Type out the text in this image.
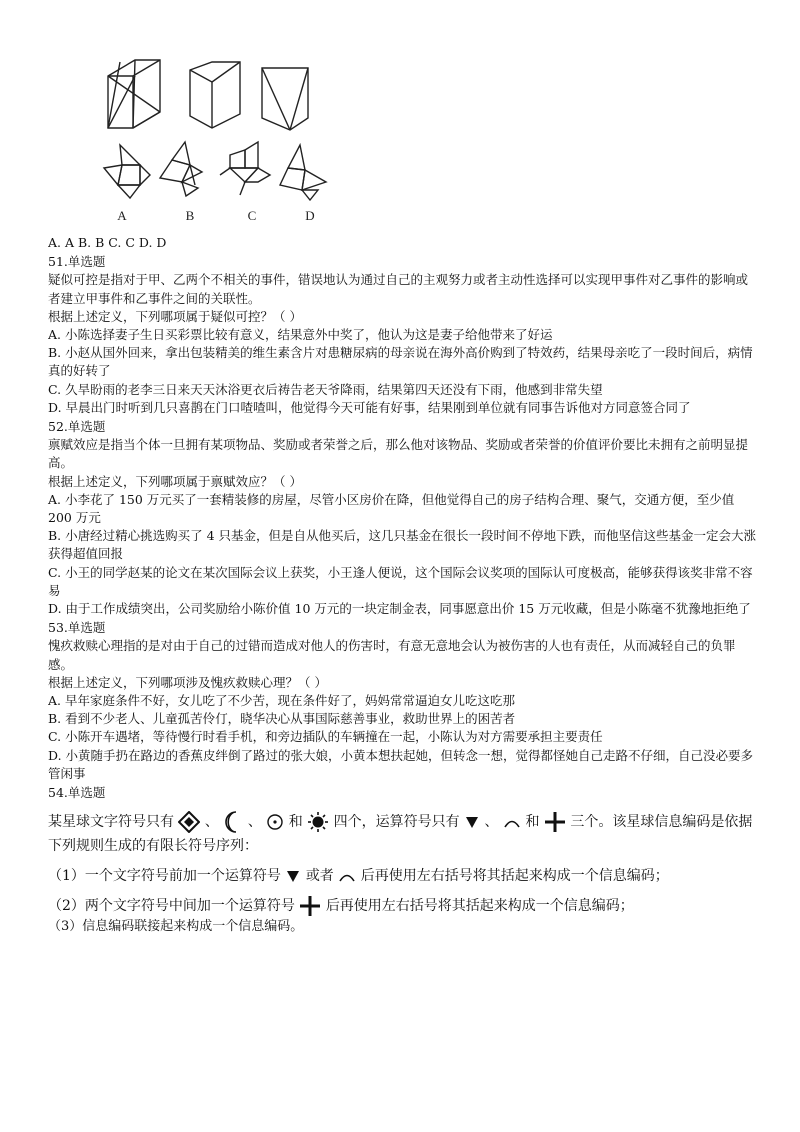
A	B	C	D
A. A B. B C. C D. D
51.单选题
疑似可控是指对于甲、乙两个不相关的事件，错误地认为通过自己的主观努力或者主动性选择可以实现甲事件对乙事件的影响或者建立甲事件和乙事件之间的关联性。
根据上述定义，下列哪项属于疑似可控？（ ）
A. 小陈选择妻子生日买彩票比较有意义，结果意外中奖了，他认为这是妻子给他带来了好运
B. 小赵从国外回来，拿出包装精美的维生素含片对患糖尿病的母亲说在海外高价购到了特效药，结果母亲吃了一段时间后，病情真的好转了
C. 久旱盼雨的老李三日来天天沐浴更衣后祷告老天爷降雨，结果第四天还没有下雨，他感到非常失望
D. 早晨出门时听到几只喜鹊在门口喳喳叫，他觉得今天可能有好事，结果刚到单位就有同事告诉他对方同意签合同了
52.单选题
禀赋效应是指当个体一旦拥有某项物品、奖励或者荣誉之后，那么他对该物品、奖励或者荣誉的价值评价要比未拥有之前明显提高。
根据上述定义，下列哪项属于禀赋效应？（ ）
A. 小李花了 150 万元买了一套精装修的房屋，尽管小区房价在降，但他觉得自己的房子结构合理、聚气，交通方便，至少值 200 万元
B. 小唐经过精心挑选购买了 4 只基金，但是自从他买后，这几只基金在很长一段时间不停地下跌，而他坚信这些基金一定会大涨获得超值回报
C. 小王的同学赵某的论文在某次国际会议上获奖，小王逢人便说，这个国际会议奖项的国际认可度极高，能够获得该奖非常不容易
D. 由于工作成绩突出，公司奖励给小陈价值 10 万元的一块定制金表，同事愿意出价 15 万元收藏，但是小陈毫不犹豫地拒绝了
53.单选题
愧疚救赎心理指的是对由于自己的过错而造成对他人的伤害时，有意无意地会认为被伤害的人也有责任，从而减轻自己的负罪感。
根据上述定义，下列哪项涉及愧疚救赎心理？（ ）
A. 早年家庭条件不好，女儿吃了不少苦，现在条件好了，妈妈常常逼迫女儿吃这吃那
B. 看到不少老人、儿童孤苦伶仃，晓华决心从事国际慈善事业，救助世界上的困苦者
C. 小陈开车遇堵，等待慢行时看手机，和旁边插队的车辆撞在一起，小陈认为对方需要承担主要责任
D. 小黄随手扔在路边的香蕉皮绊倒了路过的张大娘，小黄本想扶起她，但转念一想，觉得都怪她自己走路不仔细，自己没必要多管闲事
54.单选题
某星球文字符号只有 、 、 和 四个，运算符号只有 、 和 三个。该星球信息编码是依据下列规则生成的有限长符号序列：
（1）一个文字符号前加一个运算符号 或者 后再使用左右括号将其括起来构成一个信息编码；
（2）两个文字符号中间加一个运算符号 后再使用左右括号将其括起来构成一个信息编码；
（3）信息编码联接起来构成一个信息编码。
